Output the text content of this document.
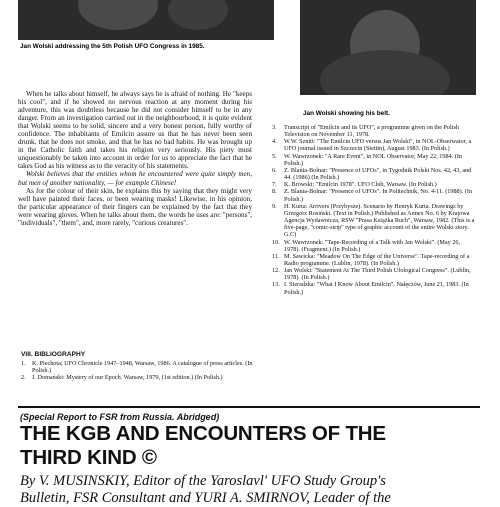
Jan Wolski addressing the 5th Polish UFO Congress in 1985.
Jan Wolski showing his belt.

When he talks about himself, he always says he is afraid of nothing. He "keeps his cool", and if he showed no nervous reaction at any moment during his adventure, this was doubtless because he did not consider himself to be in any danger. From an investigation carried out in the neighbourhood, it is quite evident that Wolski seems to be solid, sincere and a very honest person, fully worthy of confidence. The inhabitants of Emilcin assure us that he has never been seen drunk, that he does not smoke, and that he has no bad habits. He was brought up in the Catholic faith and takes his religion very seriously. His piety must unquestionably be taken into account in order for us to appreciate the fact that he takes God as his witness as to the veracity of his statements.

Wolski believes that the entities whom he encountered were quite simply men, but men of another nationality, — for example Chinese!

As for the colour of their skin, he explains this by saying that they might very well have painted their faces, or been wearing masks! Likewise, in his opinion, the particular appearance of their fingers can be explained by the fact that they were wearing gloves. When he talks about them, the words he uses are: "persons", "individuals", "them", and, more rarely, "curious creatures".

VIII. BIBLIOGRAPHY
1. K. Piechota; UFO Chronicle 1947–1948, Warsaw, 1986. A catalogue of press articles. (In Polish.)
2. J. Domański: Mystery of our Epoch. Warsaw, 1979, (1st edition.) (In Polish.)
3. Transcript of "Emilcin and its UFO", a programme given on the Polish Television on November 11, 1978.
4. W.W. Sznitt: "The Emilcin UFO versus Jan Wolski", in NOL-Obserwator, a UFO journal issued in Szczecin (Stettin), August 1983. (In Polish.)
5. W. Wawrzonek: "A Rare Event", in NOL Observator, May 22, 1984. (In Polish.)
6. Z. Blania-Bolnar: "Presence of UFOs", in Tygodnik Polski Nos. 42, 43, and 44. (1986) (In Polish.)
7. K. Browski: "Emilcin 1978". UFO Club, Warsaw. (In Polish.)
8. Z. Blania-Bolnar: "Presence of UFOs". In Politechnik, No. 4-11. (1988). (In Polish.)
9. H. Kurta: Arrivers (Przybysze). Scenario by Henryk Kurta. Drawings by Grzegorz Rosiński. (Text in Polish.) Published as Annex No. 6 by Krajowa Agencja Wydawnicza, RSW "Prasa Książka Ruch", Warsaw, 1982. (This is a five-page, "comic-strip" type of graphic account of the entire Wolski story. G.C)
10. W. Wawrzonek: "Tape-Recording of a Talk with Jan Wolski". (May 26, 1978). (Fragment.) (In Polish.)
11. M. Sawicka: "Meadow On The Edge of the Universe". Tape-recording of a Radio programme. (Lublin, 1978). (In Polish.)
12. Jan Wolski: "Statement At The Third Polish Ufological Congress". (Lublin, 1978). (In Polish.)
13. I. Sieradzka: "What I Know About Emilcin". Nałęczów, June 21, 1983. (In Polish.)
(Special Report to FSR from Russia. Abridged)
THE KGB AND ENCOUNTERS OF THE
THIRD KIND ©
By V. MUSINSKIY, Editor of the Yaroslavl' UFO Study Group's
Bulletin, FSR Consultant and YURI A. SMIRNOV, Leader of the
